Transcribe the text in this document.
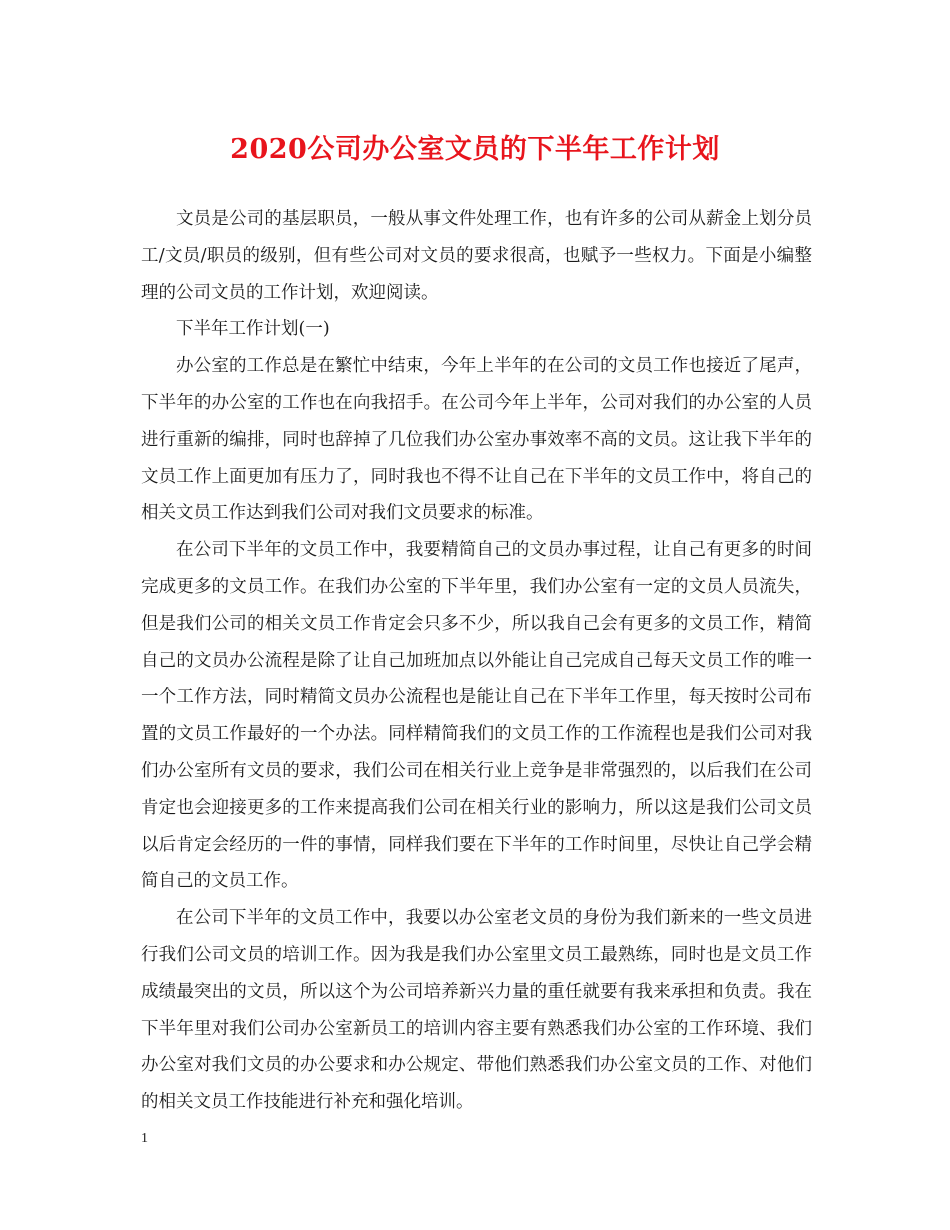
2020公司办公室文员的下半年工作计划

文员是公司的基层职员，一般从事文件处理工作，也有许多的公司从薪金上划分员工/文员/职员的级别，但有些公司对文员的要求很高，也赋予一些权力。下面是小编整理的公司文员的工作计划，欢迎阅读。

下半年工作计划(一)

办公室的工作总是在繁忙中结束，今年上半年的在公司的文员工作也接近了尾声，下半年的办公室的工作也在向我招手。在公司今年上半年，公司对我们的办公室的人员进行重新的编排，同时也辞掉了几位我们办公室办事效率不高的文员。这让我下半年的文员工作上面更加有压力了，同时我也不得不让自己在下半年的文员工作中，将自己的相关文员工作达到我们公司对我们文员要求的标准。

在公司下半年的文员工作中，我要精简自己的文员办事过程，让自己有更多的时间完成更多的文员工作。在我们办公室的下半年里，我们办公室有一定的文员人员流失，但是我们公司的相关文员工作肯定会只多不少，所以我自己会有更多的文员工作，精简自己的文员办公流程是除了让自己加班加点以外能让自己完成自己每天文员工作的唯一一个工作方法，同时精简文员办公流程也是能让自己在下半年工作里，每天按时公司布置的文员工作最好的一个办法。同样精简我们的文员工作的工作流程也是我们公司对我们办公室所有文员的要求，我们公司在相关行业上竞争是非常强烈的，以后我们在公司肯定也会迎接更多的工作来提高我们公司在相关行业的影响力，所以这是我们公司文员以后肯定会经历的一件的事情，同样我们要在下半年的工作时间里，尽快让自己学会精简自己的文员工作。

在公司下半年的文员工作中，我要以办公室老文员的身份为我们新来的一些文员进行我们公司文员的培训工作。因为我是我们办公室里文员工最熟练，同时也是文员工作成绩最突出的文员，所以这个为公司培养新兴力量的重任就要有我来承担和负责。我在下半年里对我们公司办公室新员工的培训内容主要有熟悉我们办公室的工作环境、我们办公室对我们文员的办公要求和办公规定、带他们熟悉我们办公室文员的工作、对他们的相关文员工作技能进行补充和强化培训。

1
